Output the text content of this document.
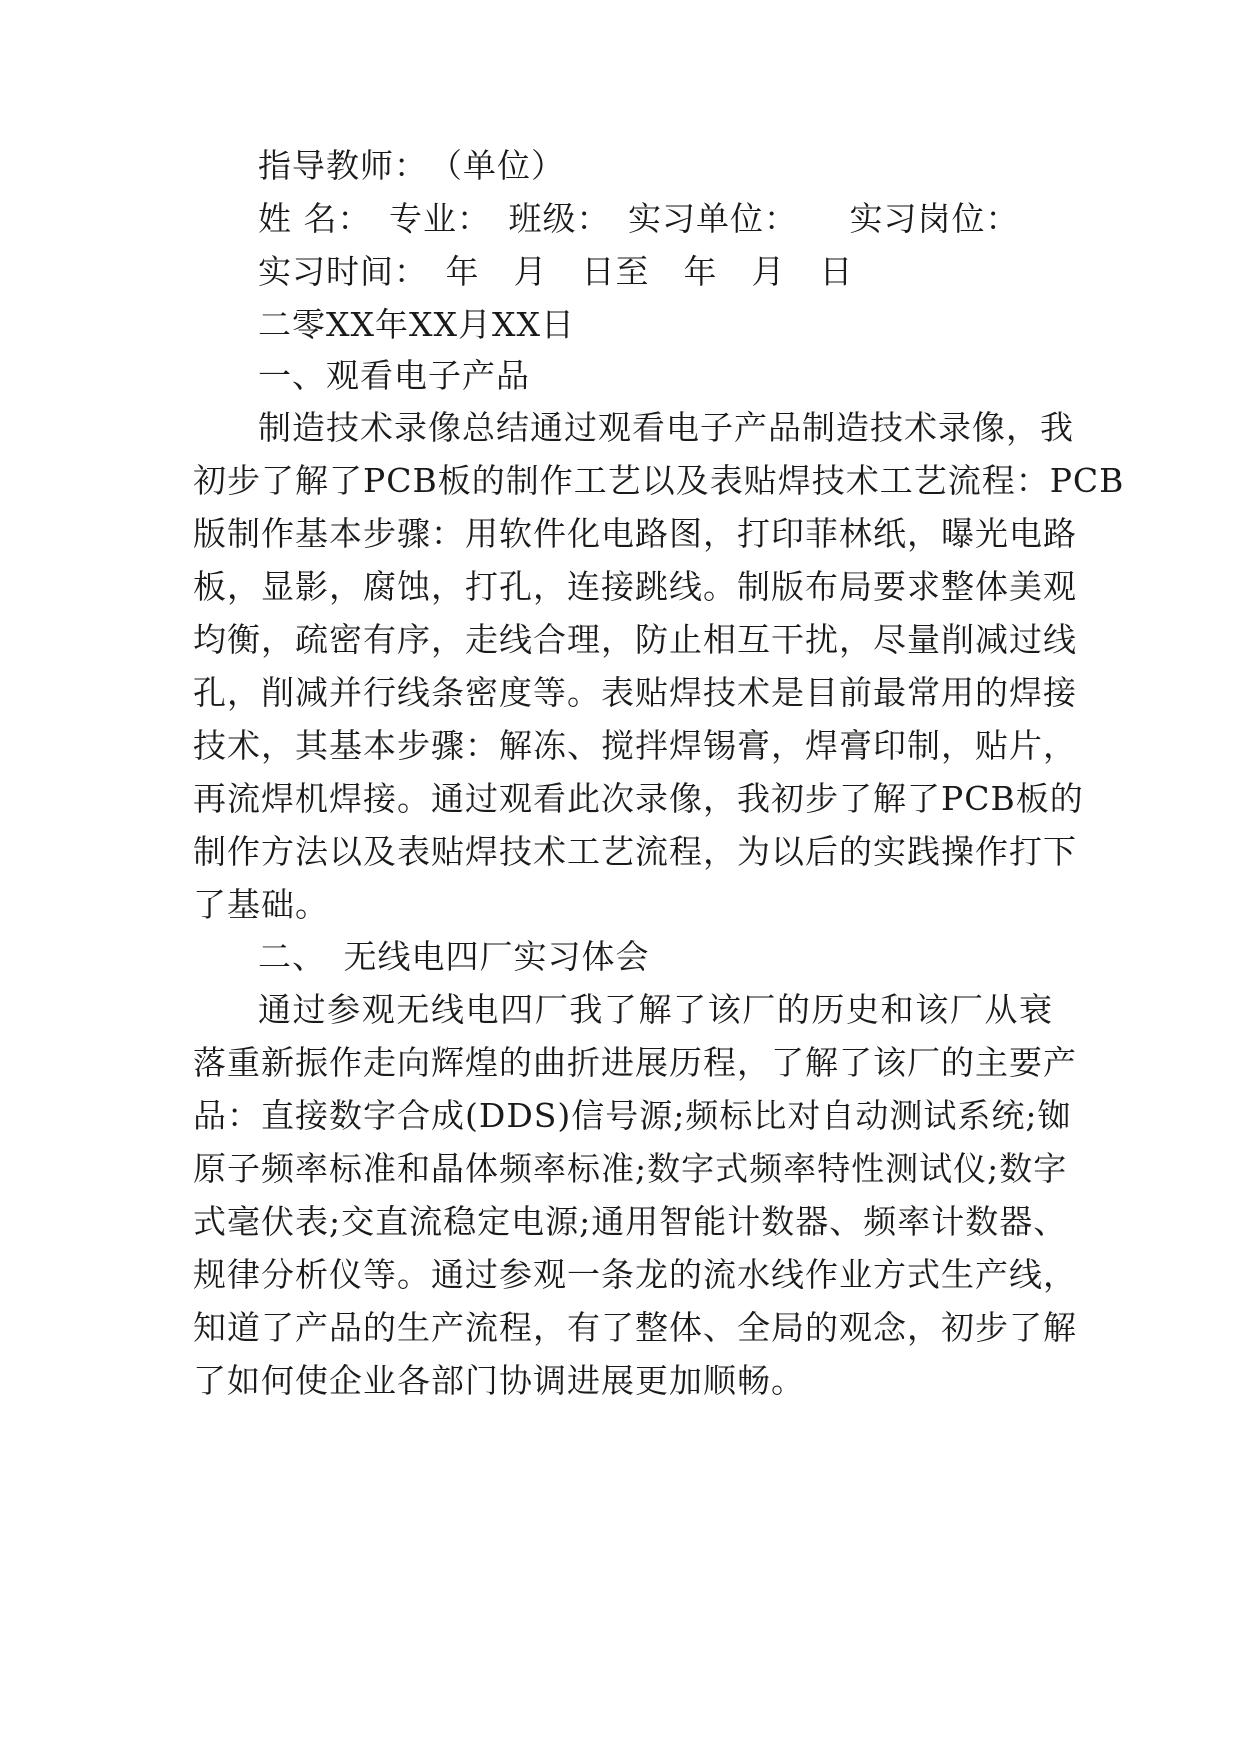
指导教师：　（单位）
姓 名：　专业：　班级：　实习单位：　　实习岗位：
实习时间：　年　月　日至　年　月　日
二零XX年XX月XX日
一、观看电子产品
制造技术录像总结通过观看电子产品制造技术录像，我
初步了解了PCB板的制作工艺以及表贴焊技术工艺流程：PCB
版制作基本步骤：用软件化电路图，打印菲林纸，曝光电路
板，显影，腐蚀，打孔，连接跳线。制版布局要求整体美观
均衡，疏密有序，走线合理，防止相互干扰，尽量削减过线
孔，削减并行线条密度等。表贴焊技术是目前最常用的焊接
技术，其基本步骤：解冻、搅拌焊锡膏，焊膏印制，贴片，
再流焊机焊接。通过观看此次录像，我初步了解了PCB板的
制作方法以及表贴焊技术工艺流程，为以后的实践操作打下
了基础。
二、　无线电四厂实习体会
通过参观无线电四厂我了解了该厂的历史和该厂从衰
落重新振作走向辉煌的曲折进展历程，了解了该厂的主要产
品：直接数字合成(DDS)信号源;频标比对自动测试系统;铷
原子频率标准和晶体频率标准;数字式频率特性测试仪;数字
式毫伏表;交直流稳定电源;通用智能计数器、频率计数器、
规律分析仪等。通过参观一条龙的流水线作业方式生产线，
知道了产品的生产流程，有了整体、全局的观念，初步了解
了如何使企业各部门协调进展更加顺畅。
